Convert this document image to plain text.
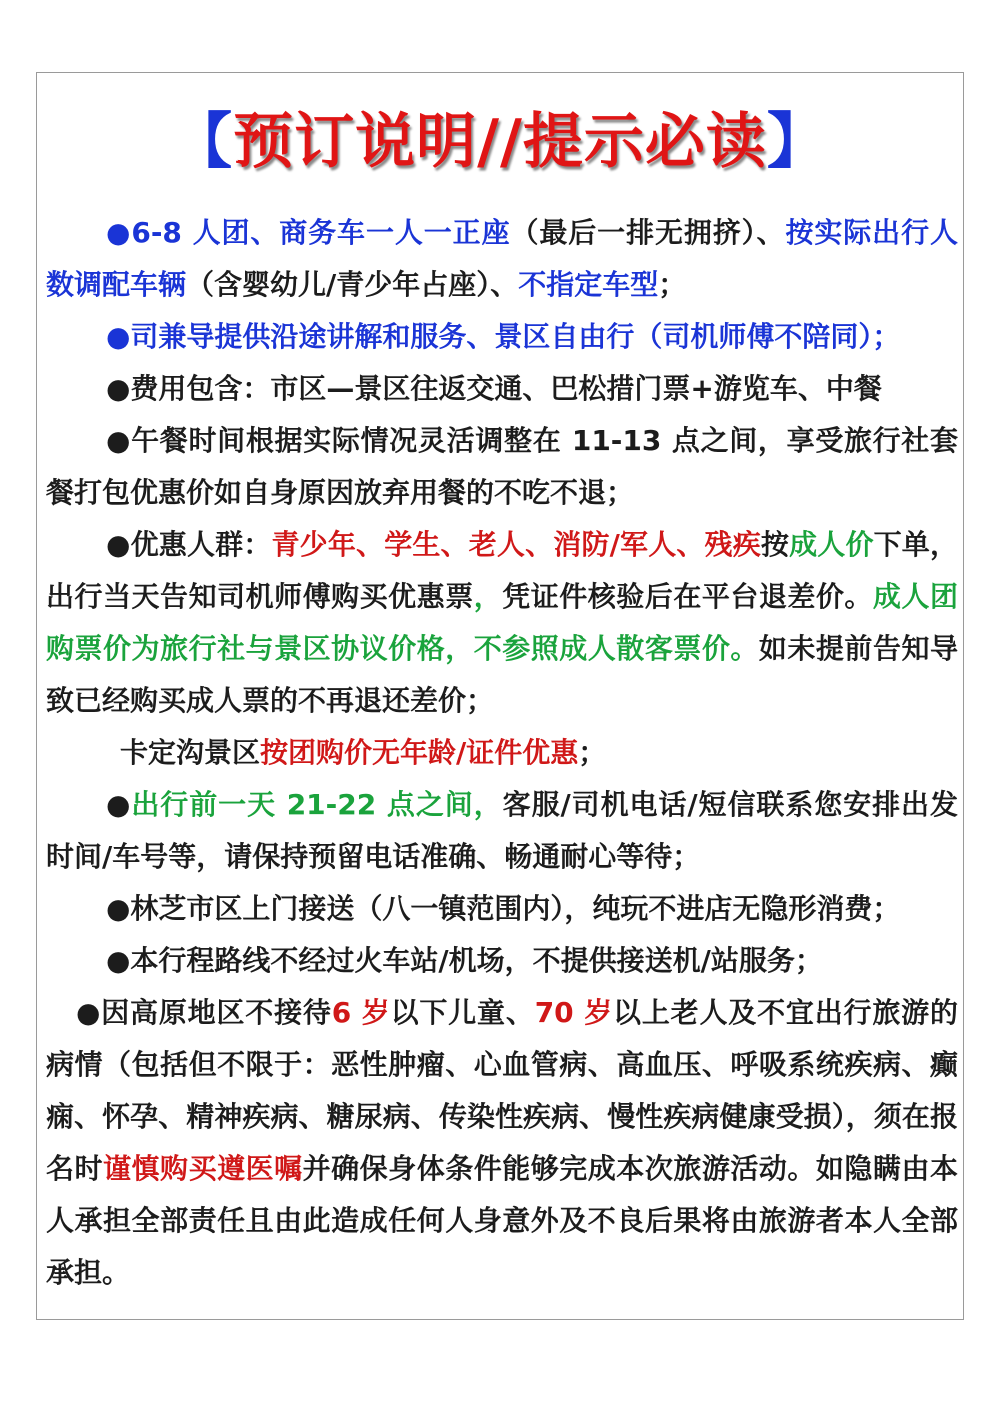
【预订说明//提示必读】

●6-8 人团、商务车一人一正座（最后一排无拥挤）、按实际出行人数调配车辆（含婴幼儿/青少年占座）、不指定车型；

●司兼导提供沿途讲解和服务、景区自由行（司机师傅不陪同）；

●费用包含：市区—景区往返交通、巴松措门票+游览车、中餐

●午餐时间根据实际情况灵活调整在 11-13 点之间，享受旅行社套餐打包优惠价如自身原因放弃用餐的不吃不退；

●优惠人群：青少年、学生、老人、消防/军人、残疾按成人价下单，出行当天告知司机师傅购买优惠票，凭证件核验后在平台退差价。成人团购票价为旅行社与景区协议价格，不参照成人散客票价。如未提前告知导致已经购买成人票的不再退还差价；

卡定沟景区按团购价无年龄/证件优惠；

●出行前一天 21-22 点之间，客服/司机电话/短信联系您安排出发时间/车号等，请保持预留电话准确、畅通耐心等待；

●林芝市区上门接送（八一镇范围内），纯玩不进店无隐形消费；

●本行程路线不经过火车站/机场，不提供接送机/站服务；

●因高原地区不接待6 岁以下儿童、70 岁以上老人及不宜出行旅游的病情（包括但不限于：恶性肿瘤、心血管病、高血压、呼吸系统疾病、癫痫、怀孕、精神疾病、糖尿病、传染性疾病、慢性疾病健康受损），须在报名时谨慎购买遵医嘱并确保身体条件能够完成本次旅游活动。如隐瞒由本人承担全部责任且由此造成任何人身意外及不良后果将由旅游者本人全部承担。
